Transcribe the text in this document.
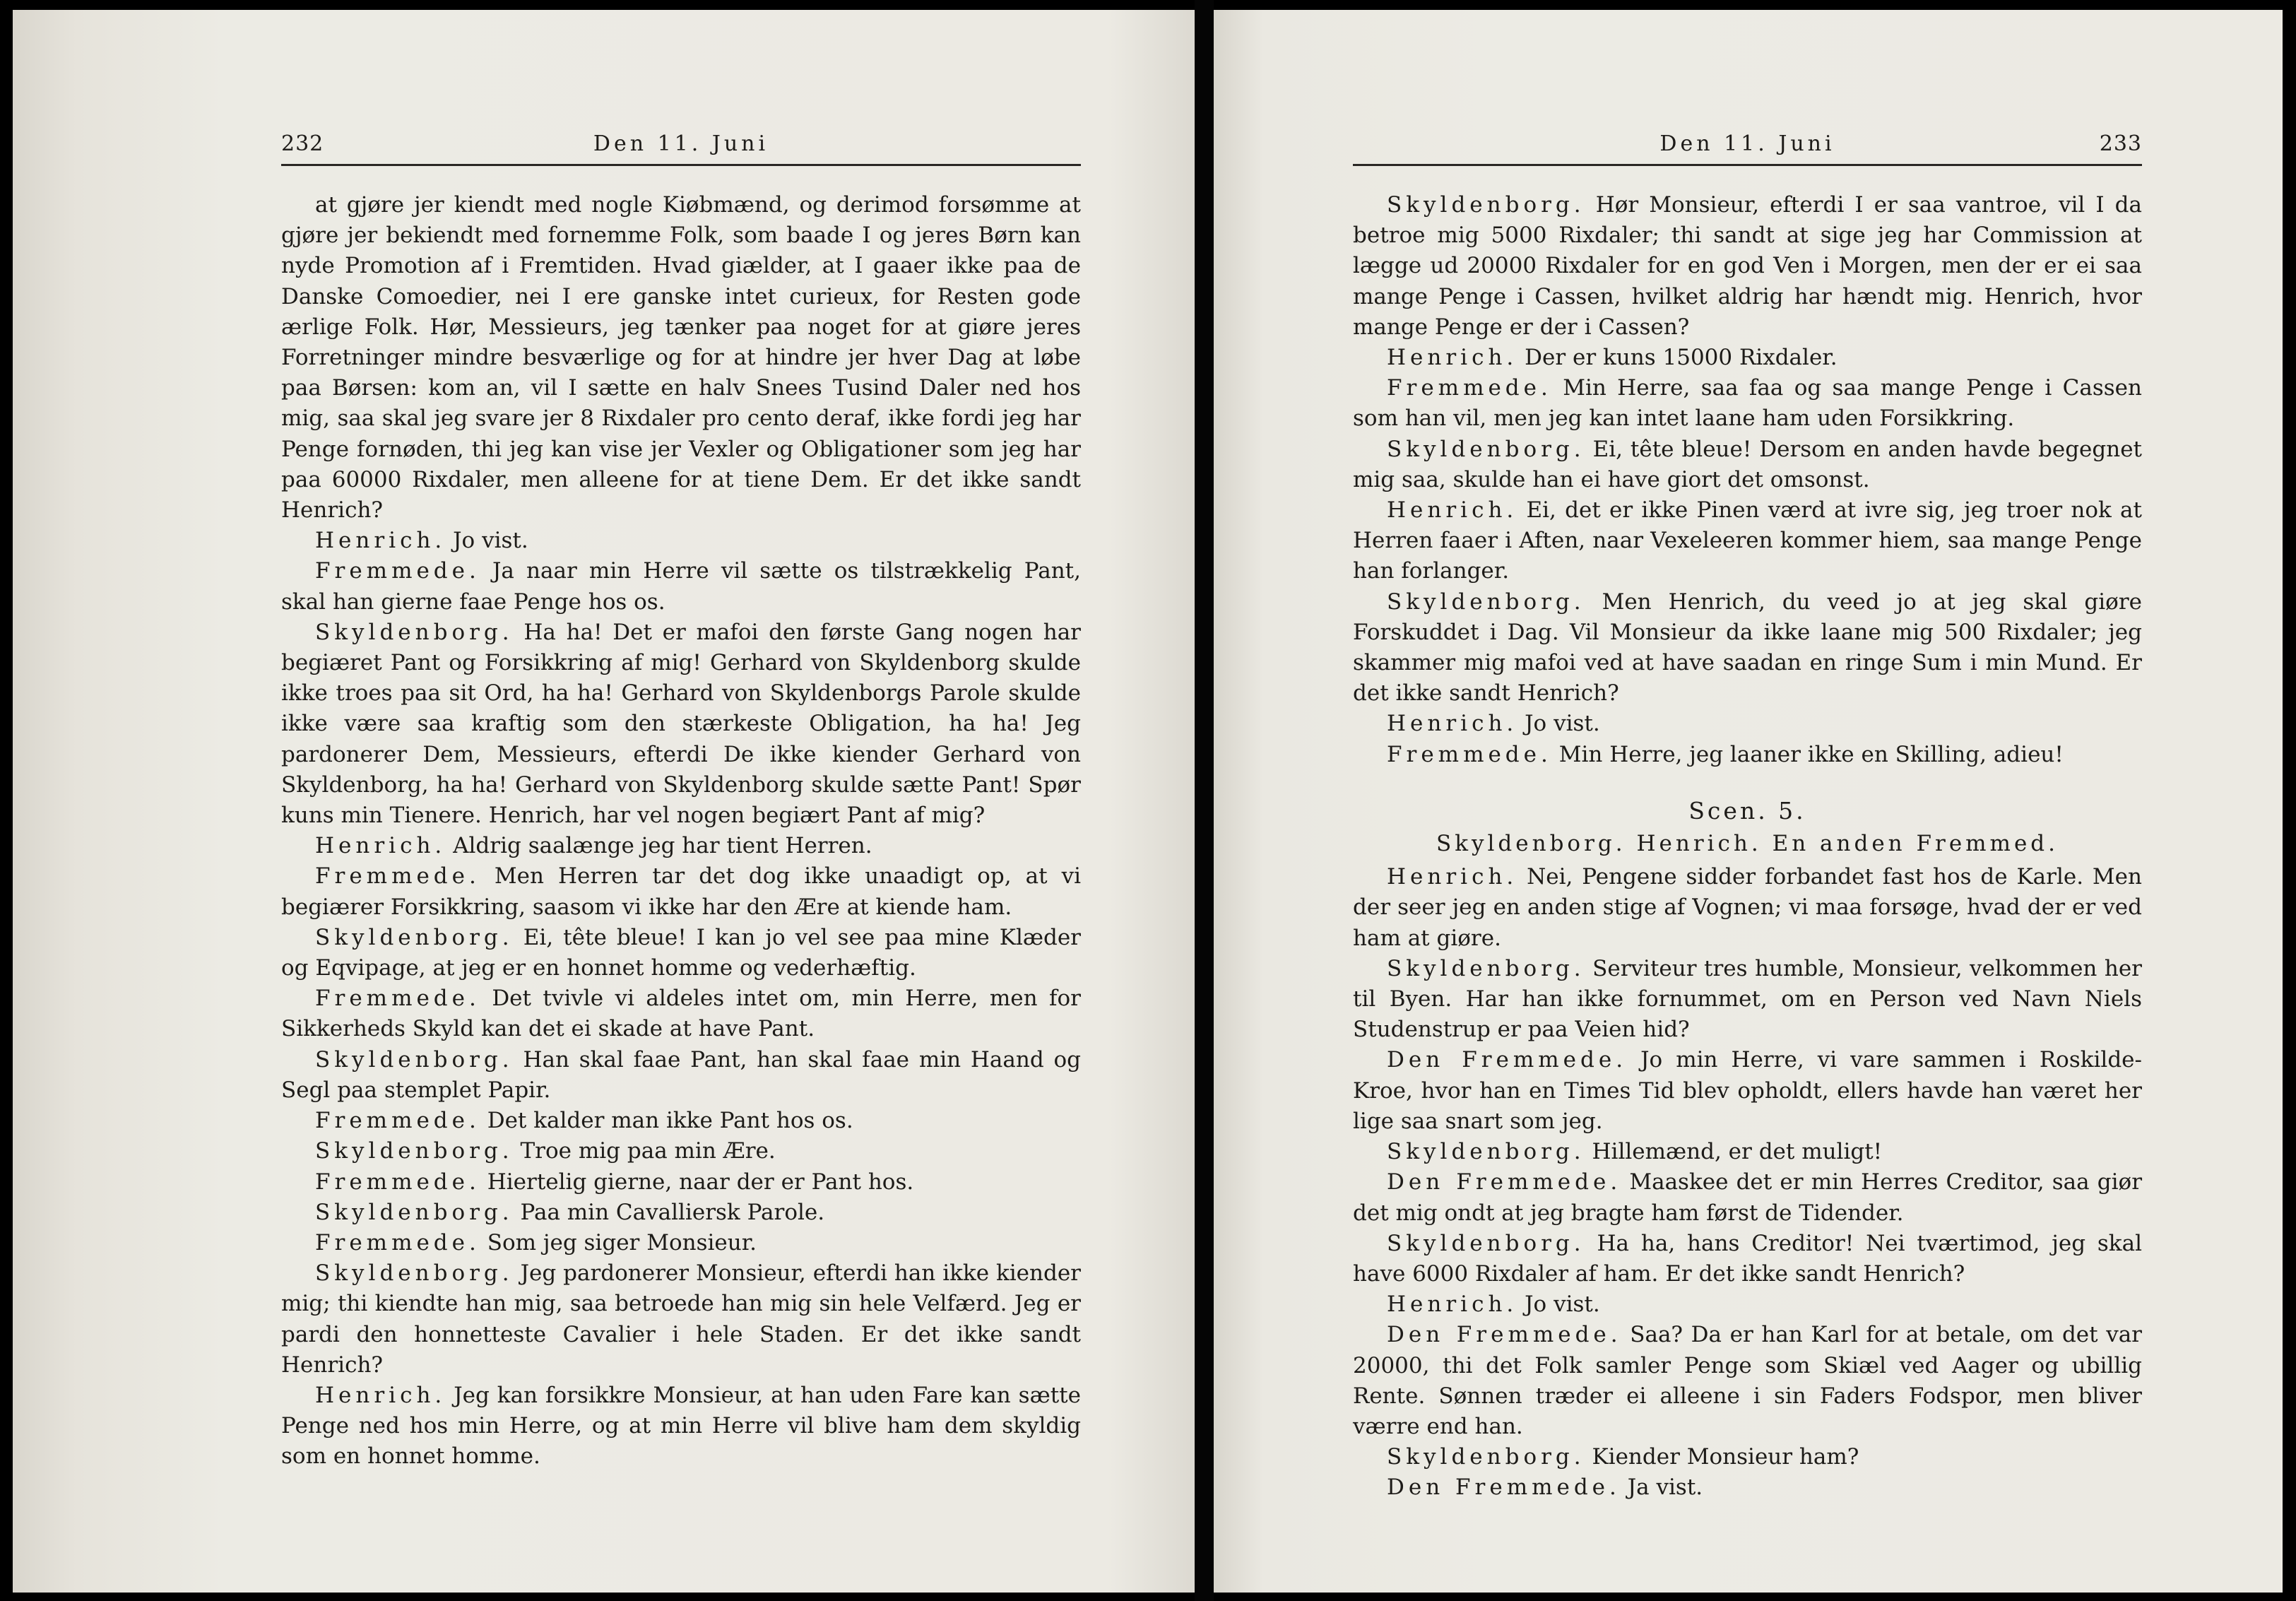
232	Den 11. Juni

at gjøre jer kiendt med nogle Kiøbmænd, og derimod forsømme at gjøre jer bekiendt med fornemme Folk, som baade I og jeres Børn kan nyde Promotion af i Fremtiden. Hvad giælder, at I gaaer ikke paa de Danske Comoedier, nei I ere ganske intet curieux, for Resten gode ærlige Folk. Hør, Messieurs, jeg tænker paa noget for at giøre jeres Forretninger mindre besværlige og for at hindre jer hver Dag at løbe paa Børsen: kom an, vil I sætte en halv Snees Tusind Daler ned hos mig, saa skal jeg svare jer 8 Rixdaler pro cento deraf, ikke fordi jeg har Penge fornøden, thi jeg kan vise jer Vexler og Obligationer som jeg har paa 60000 Rixdaler, men alleene for at tiene Dem. Er det ikke sandt Henrich?

Henrich. Jo vist.

Fremmede. Ja naar min Herre vil sætte os tilstrækkelig Pant, skal han gierne faae Penge hos os.

Skyldenborg. Ha ha! Det er mafoi den første Gang nogen har begiæret Pant og Forsikkring af mig! Gerhard von Skyldenborg skulde ikke troes paa sit Ord, ha ha! Gerhard von Skyldenborgs Parole skulde ikke være saa kraftig som den stærkeste Obligation, ha ha! Jeg pardonerer Dem, Messieurs, efterdi De ikke kiender Gerhard von Skyldenborg, ha ha! Gerhard von Skyldenborg skulde sætte Pant! Spør kuns min Tienere. Henrich, har vel nogen begiært Pant af mig?

Henrich. Aldrig saalænge jeg har tient Herren.

Fremmede. Men Herren tar det dog ikke unaadigt op, at vi begiærer Forsikkring, saasom vi ikke har den Ære at kiende ham.

Skyldenborg. Ei, tête bleue! I kan jo vel see paa mine Klæder og Eqvipage, at jeg er en honnet homme og vederhæftig.

Fremmede. Det tvivle vi aldeles intet om, min Herre, men for Sikkerheds Skyld kan det ei skade at have Pant.

Skyldenborg. Han skal faae Pant, han skal faae min Haand og Segl paa stemplet Papir.

Fremmede. Det kalder man ikke Pant hos os.

Skyldenborg. Troe mig paa min Ære.

Fremmede. Hiertelig gierne, naar der er Pant hos.

Skyldenborg. Paa min Cavalliersk Parole.

Fremmede. Som jeg siger Monsieur.

Skyldenborg. Jeg pardonerer Monsieur, efterdi han ikke kiender mig; thi kiendte han mig, saa betroede han mig sin hele Velfærd. Jeg er pardi den honnetteste Cavalier i hele Staden. Er det ikke sandt Henrich?

Henrich. Jeg kan forsikkre Monsieur, at han uden Fare kan sætte Penge ned hos min Herre, og at min Herre vil blive ham dem skyldig som en honnet homme.

Den 11. Juni	233

Skyldenborg. Hør Monsieur, efterdi I er saa vantroe, vil I da betroe mig 5000 Rixdaler; thi sandt at sige jeg har Commission at lægge ud 20000 Rixdaler for en god Ven i Morgen, men der er ei saa mange Penge i Cassen, hvilket aldrig har hændt mig. Henrich, hvor mange Penge er der i Cassen?

Henrich. Der er kuns 15000 Rixdaler.

Fremmede. Min Herre, saa faa og saa mange Penge i Cassen som han vil, men jeg kan intet laane ham uden Forsikkring.

Skyldenborg. Ei, tête bleue! Dersom en anden havde begegnet mig saa, skulde han ei have giort det omsonst.

Henrich. Ei, det er ikke Pinen værd at ivre sig, jeg troer nok at Herren faaer i Aften, naar Vexeleeren kommer hiem, saa mange Penge han forlanger.

Skyldenborg. Men Henrich, du veed jo at jeg skal giøre Forskuddet i Dag. Vil Monsieur da ikke laane mig 500 Rixdaler; jeg skammer mig mafoi ved at have saadan en ringe Sum i min Mund. Er det ikke sandt Henrich?

Henrich. Jo vist.

Fremmede. Min Herre, jeg laaner ikke en Skilling, adieu!

Scen. 5.

Skyldenborg. Henrich. En anden Fremmed.

Henrich. Nei, Pengene sidder forbandet fast hos de Karle. Men der seer jeg en anden stige af Vognen; vi maa forsøge, hvad der er ved ham at giøre.

Skyldenborg. Serviteur tres humble, Monsieur, velkommen her til Byen. Har han ikke fornummet, om en Person ved Navn Niels Studenstrup er paa Veien hid?

Den Fremmede. Jo min Herre, vi vare sammen i Roskilde-Kroe, hvor han en Times Tid blev opholdt, ellers havde han været her lige saa snart som jeg.

Skyldenborg. Hillemænd, er det muligt!

Den Fremmede. Maaskee det er min Herres Creditor, saa giør det mig ondt at jeg bragte ham først de Tidender.

Skyldenborg. Ha ha, hans Creditor! Nei tværtimod, jeg skal have 6000 Rixdaler af ham. Er det ikke sandt Henrich?

Henrich. Jo vist.

Den Fremmede. Saa? Da er han Karl for at betale, om det var 20000, thi det Folk samler Penge som Skiæl ved Aager og ubillig Rente. Sønnen træder ei alleene i sin Faders Fodspor, men bliver værre end han.

Skyldenborg. Kiender Monsieur ham?

Den Fremmede. Ja vist.
